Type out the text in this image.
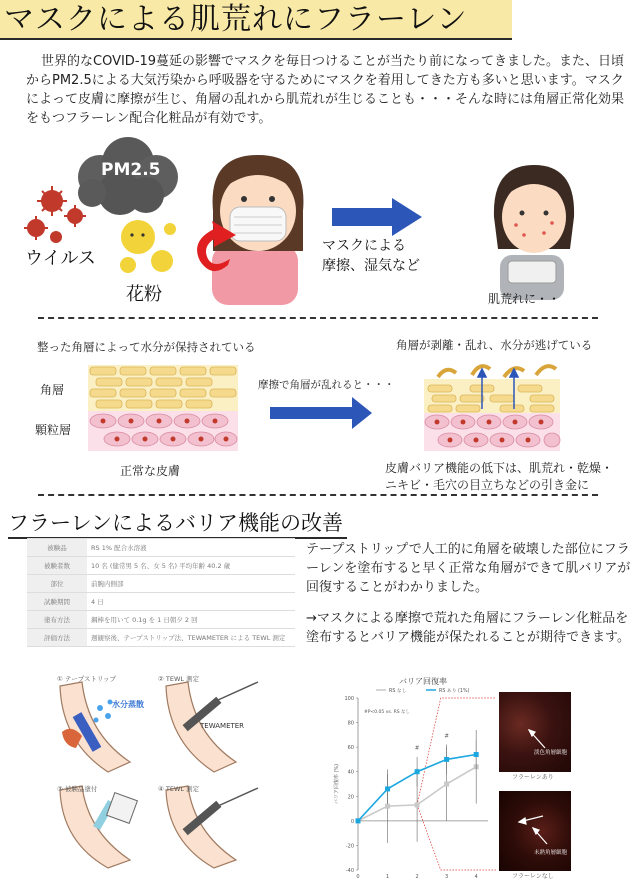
マスクによる肌荒れにフラーレン

世界的なCOVID-19蔓延の影響でマスクを毎日つけることが当たり前になってきました。また、日頃からPM2.5による大気汚染から呼吸器を守るためにマスクを着用してきた方も多いと思います。マスクによって皮膚に摩擦が生じ、角層の乱れから肌荒れが生じることも・・・そんな時には角層正常化効果をもつフラーレン配合化粧品が有効です。

PM2.5
ウイルス
花粉
マスクによる
摩擦、湿気など
肌荒れに・・
整った角層によって水分が保持されている	角層が剥離・乱れ、水分が逃げている
角層
顆粒層
摩擦で角層が乱れると・・・
正常な皮膚	皮膚バリア機能の低下は、肌荒れ・乾燥・
ニキビ・毛穴の目立ちなどの引き金に
フラーレンによるバリア機能の改善
被験品	RS 1% 配合水溶液
被験者数	10 名 (健常男 5 名、女 5 名) 平均年齢 40.2 歳
部位	前腕内側部
試験期間	4 日
塗布方法	鋼棒を用いて 0.1g を 1 日朝夕 2 回
評価方法	週観察後、テープストリップ法、TEWAMETER による TEWL 測定

テープストリップで人工的に角層を破壊した部位にフラーレンを塗布すると早く正常な角層ができて肌バリアが回復することがわかりました。

→マスクによる摩擦で荒れた角層にフラーレン化粧品を塗布するとバリア機能が保たれることが期待できます。

① テープストリップ	② TEWL 測定
③ 被験品塗付	④ TEWL 測定
水分蒸散
TEWAMETER
バリア回復率
-40
-20
0
20
40
60
80
100
0	1	2	3	4
バリア回復率 (%)
#P<0.05 vs. RS なし
RS なし	RS あり (1%)
#
#
淡色角層細胞
フラーレンあり
未熟角層細胞
フラーレンなし
